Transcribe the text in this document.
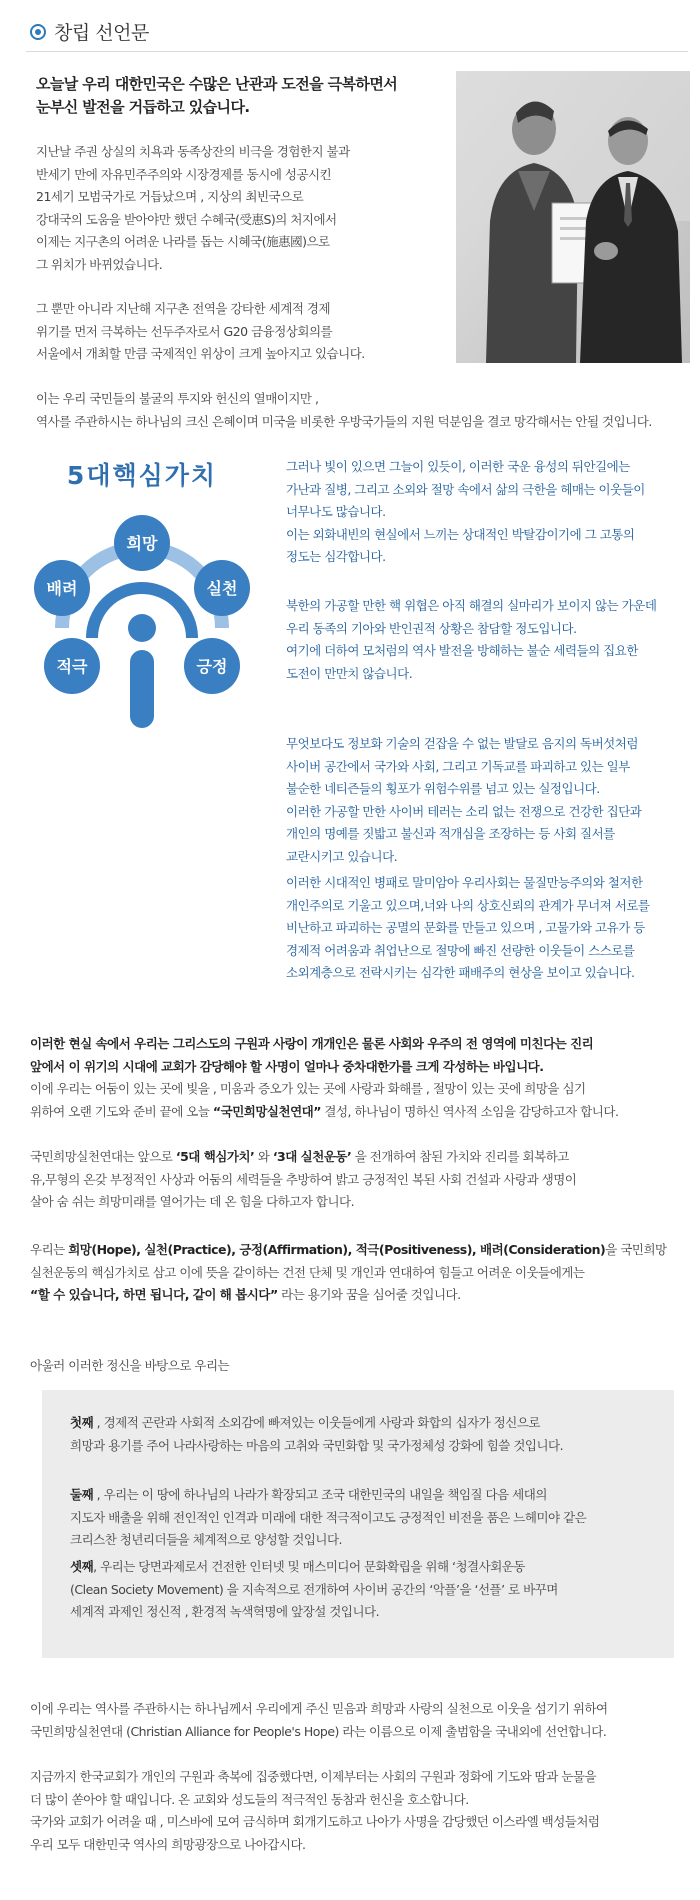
창립 선언문
오늘날 우리 대한민국은 수많은 난관과 도전을 극복하면서
눈부신 발전을 거듭하고 있습니다.
지난날 주권 상실의 치욕과 동족상잔의 비극을 경험한지 불과
반세기 만에 자유민주주의와 시장경제를 동시에 성공시킨
21세기 모범국가로 거듭났으며 , 지상의 최빈국으로
강대국의 도움을 받아야만 했던 수혜국(受惠S)의 처지에서
이제는 지구촌의 어려운 나라를 돕는 시혜국(施惠國)으로
그 위치가 바뀌었습니다.
그 뿐만 아니라 지난해 지구촌 전역을 강타한 세계적 경제
위기를 먼저 극복하는 선두주자로서 G20 금융정상회의를
서울에서 개최할 만큼 국제적인 위상이 크게 높아지고 있습니다.
이는 우리 국민들의 불굴의 투지와 헌신의 열매이지만 ,
역사를 주관하시는 하나님의 크신 은혜이며 미국을 비롯한 우방국가들의 지원 덕분임을 결코 망각해서는 안될 것입니다.
5대핵심가치
희망
배려	실천
적극	긍정
그러나 빛이 있으면 그늘이 있듯이, 이러한 국운 융성의 뒤안길에는
가난과 질병, 그리고 소외와 절망 속에서 삶의 극한을 헤매는 이웃들이
너무나도 많습니다.
이는 외화내빈의 현실에서 느끼는 상대적인 박탈감이기에 그 고통의
정도는 심각합니다.
북한의 가공할 만한 핵 위협은 아직 해결의 실마리가 보이지 않는 가운데
우리 동족의 기아와 반인권적 상황은 참담할 정도입니다.
여기에 더하여 모처럼의 역사 발전을 방해하는 불순 세력들의 집요한
도전이 만만치 않습니다.
무엇보다도 정보화 기술의 걷잡을 수 없는 발달로 음지의 독버섯처럼
사이버 공간에서 국가와 사회, 그리고 기독교를 파괴하고 있는 일부
불순한 네티즌들의 횡포가 위험수위를 넘고 있는 실정입니다.
이러한 가공할 만한 사이버 테러는 소리 없는 전쟁으로 건강한 집단과
개인의 명예를 짓밟고 불신과 적개심을 조장하는 등 사회 질서를
교란시키고 있습니다.
이러한 시대적인 병패로 말미암아 우리사회는 물질만능주의와 철저한
개인주의로 기울고 있으며,너와 나의 상호신뢰의 관계가 무너져 서로를
비난하고 파괴하는 공멸의 문화를 만들고 있으며 , 고물가와 고유가 등
경제적 어려움과 취업난으로 절망에 빠진 선량한 이웃들이 스스로를
소외계층으로 전락시키는 심각한 패배주의 현상을 보이고 있습니다.
이러한 현실 속에서 우리는 그리스도의 구원과 사랑이 개개인은 물론 사회와 우주의 전 영역에 미친다는 진리
앞에서 이 위기의 시대에 교회가 감당해야 할 사명이 얼마나 중차대한가를 크게 각성하는 바입니다.
이에 우리는 어둠이 있는 곳에 빛을 , 미움과 증오가 있는 곳에 사랑과 화해를 , 절망이 있는 곳에 희망을 심기
위하여 오랜 기도와 준비 끝에 오늘 “국민희망실천연대” 결성, 하나님이 명하신 역사적 소임을 감당하고자 합니다.
국민희망실천연대는 앞으로 ‘5대 핵심가치’ 와 ‘3대 실천운동’ 을 전개하여 참된 가치와 진리를 회복하고
유,무형의 온갖 부정적인 사상과 어둠의 세력들을 추방하여 밝고 긍정적인 복된 사회 건설과 사랑과 생명이
살아 숨 쉬는 희망미래를 열어가는 데 온 힘을 다하고자 합니다.
우리는 희망(Hope), 실천(Practice), 긍정(Affirmation), 적극(Positiveness), 배려(Consideration)을 국민희망
실천운동의 핵심가치로 삼고 이에 뜻을 같이하는 건전 단체 및 개인과 연대하여 힘들고 어려운 이웃들에게는
“할 수 있습니다, 하면 됩니다, 같이 해 봅시다” 라는 용기와 꿈을 심어줄 것입니다.
아울러 이러한 정신을 바탕으로 우리는
첫째 , 경제적 곤란과 사회적 소외감에 빠져있는 이웃들에게 사랑과 화합의 십자가 정신으로
희망과 용기를 주어 나라사랑하는 마음의 고취와 국민화합 및 국가정체성 강화에 힘쓸 것입니다.
둘째 , 우리는 이 땅에 하나님의 나라가 확장되고 조국 대한민국의 내일을 책임질 다음 세대의
지도자 배출을 위해 전인적인 인격과 미래에 대한 적극적이고도 긍정적인 비전을 품은 느헤미야 같은
크리스찬 청년리더들을 체계적으로 양성할 것입니다.
셋째, 우리는 당면과제로서 건전한 인터넷 및 매스미디어 문화확립을 위해 ‘청결사회운동
(Clean Society Movement) 을 지속적으로 전개하여 사이버 공간의 ‘악플’을 ‘선플’ 로 바꾸며
세계적 과제인 정신적 , 환경적 녹색혁명에 앞장설 것입니다.
이에 우리는 역사를 주관하시는 하나님께서 우리에게 주신 믿음과 희망과 사랑의 실천으로 이웃을 섬기기 위하여
국민희망실천연대 (Christian Alliance for People's Hope) 라는 이름으로 이제 출범함을 국내외에 선언합니다.
지금까지 한국교회가 개인의 구원과 축복에 집중했다면, 이제부터는 사회의 구원과 정화에 기도와 땀과 눈물을
더 많이 쏟아야 할 때입니다. 온 교회와 성도들의 적극적인 동참과 헌신을 호소합니다.
국가와 교회가 어려울 때 , 미스바에 모여 금식하며 회개기도하고 나아가 사명을 감당했던 이스라엘 백성들처럼
우리 모두 대한민국 역사의 희망광장으로 나아갑시다.
